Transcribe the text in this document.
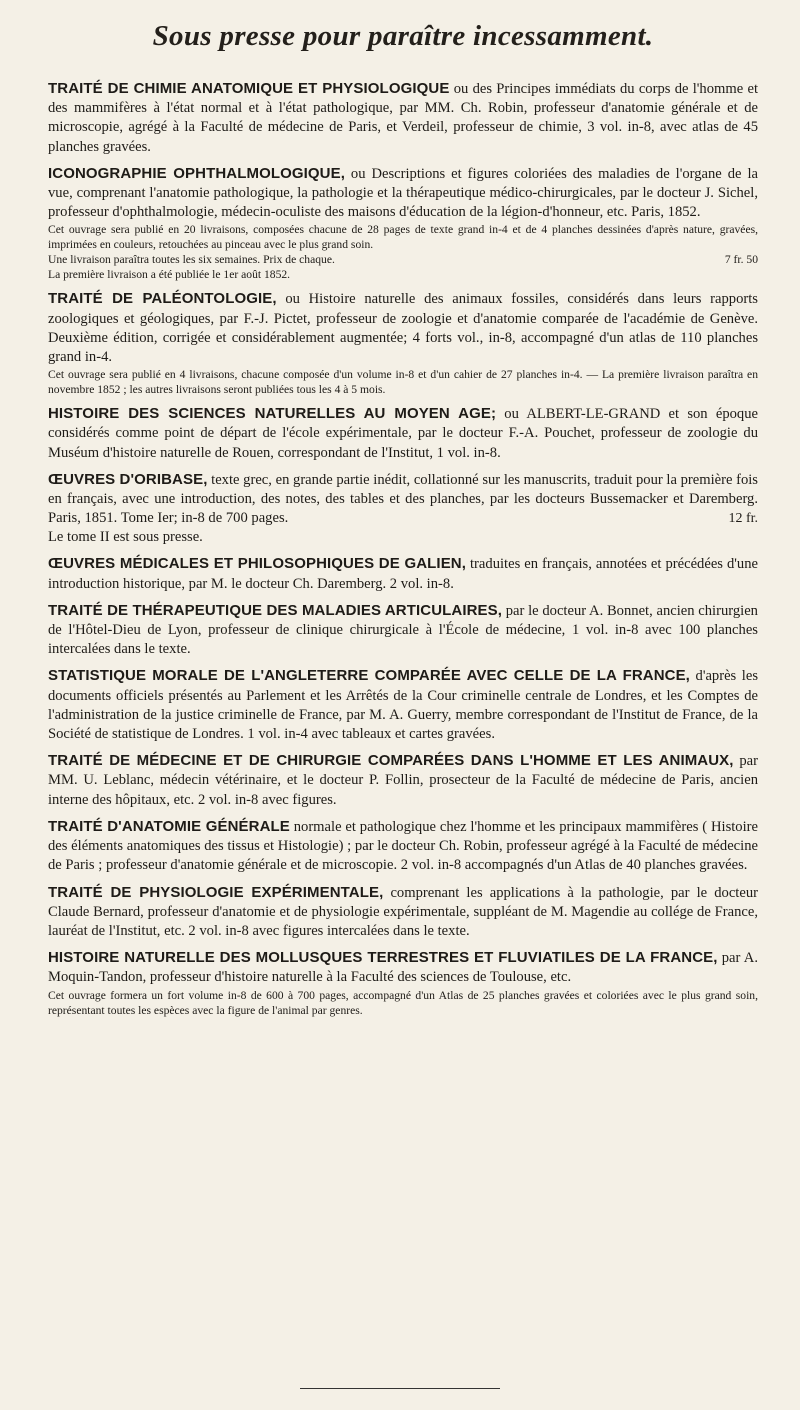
Sous presse pour paraître incessamment.
TRAITÉ DE CHIMIE ANATOMIQUE ET PHYSIOLOGIQUE ou des Principes immédiats du corps de l'homme et des mammifères à l'état normal et à l'état pathologique, par MM. Ch. Robin, professeur d'anatomie générale et de microscopie, agrégé à la Faculté de médecine de Paris, et Verdeil, professeur de chimie, 3 vol. in-8, avec atlas de 45 planches gravées.
ICONOGRAPHIE OPHTHALMOLOGIQUE, ou Descriptions et figures coloriées des maladies de l'organe de la vue, comprenant l'anatomie pathologique, la pathologie et la thérapeutique médico-chirurgicales, par le docteur J. Sichel, professeur d'ophthalmologie, médecin-oculiste des maisons d'éducation de la légion-d'honneur, etc. Paris, 1852.

Cet ouvrage sera publié en 20 livraisons, composées chacune de 28 pages de texte grand in-4 et de 4 planches dessinées d'après nature, gravées, imprimées en couleurs, retouchées au pinceau avec le plus grand soin.

7 fr. 50
Une livraison paraîtra toutes les six semaines. Prix de chaque.

La première livraison a été publiée le 1er août 1852.

TRAITÉ DE PALÉONTOLOGIE, ou Histoire naturelle des animaux fossiles, considérés dans leurs rapports zoologiques et géologiques, par F.-J. Pictet, professeur de zoologie et d'anatomie comparée de l'académie de Genève. Deuxième édition, corrigée et considérablement augmentée; 4 forts vol., in-8, accompagné d'un atlas de 110 planches grand in-4.

Cet ouvrage sera publié en 4 livraisons, chacune composée d'un volume in-8 et d'un cahier de 27 planches in-4. — La première livraison paraîtra en novembre 1852 ; les autres livraisons seront publiées tous les 4 à 5 mois.

HISTOIRE DES SCIENCES NATURELLES AU MOYEN AGE; ou ALBERT-LE-GRAND et son époque considérés comme point de départ de l'école expérimentale, par le docteur F.-A. Pouchet, professeur de zoologie du Muséum d'histoire naturelle de Rouen, correspondant de l'Institut, 1 vol. in-8.
ŒUVRES D'ORIBASE, texte grec, en grande partie inédit, collationné sur les manuscrits, traduit pour la première fois en français, avec une introduction, des notes, des tables et des planches, par les docteurs Bussemacker et Daremberg. Paris, 1851. Tome Ier; in-8 de 700 pages.	12 fr.

Le tome II est sous presse.

ŒUVRES MÉDICALES ET PHILOSOPHIQUES DE GALIEN, traduites en français, annotées et précédées d'une introduction historique, par M. le docteur Ch. Daremberg. 2 vol. in-8.
TRAITÉ DE THÉRAPEUTIQUE DES MALADIES ARTICULAIRES, par le docteur A. Bonnet, ancien chirurgien de l'Hôtel-Dieu de Lyon, professeur de clinique chirurgicale à l'École de médecine, 1 vol. in-8 avec 100 planches intercalées dans le texte.
STATISTIQUE MORALE DE L'ANGLETERRE COMPARÉE AVEC CELLE DE LA FRANCE, d'après les documents officiels présentés au Parlement et les Arrêtés de la Cour criminelle centrale de Londres, et les Comptes de l'administration de la justice criminelle de France, par M. A. Guerry, membre correspondant de l'Institut de France, de la Société de statistique de Londres. 1 vol. in-4 avec tableaux et cartes gravées.
TRAITÉ DE MÉDECINE ET DE CHIRURGIE COMPARÉES DANS L'HOMME ET LES ANIMAUX, par MM. U. Leblanc, médecin vétérinaire, et le docteur P. Follin, prosecteur de la Faculté de médecine de Paris, ancien interne des hôpitaux, etc. 2 vol. in-8 avec figures.
TRAITÉ D'ANATOMIE GÉNÉRALE normale et pathologique chez l'homme et les principaux mammifères ( Histoire des éléments anatomiques des tissus et Histologie) ; par le docteur Ch. Robin, professeur agrégé à la Faculté de médecine de Paris ; professeur d'anatomie générale et de microscopie. 2 vol. in-8 accompagnés d'un Atlas de 40 planches gravées.
TRAITÉ DE PHYSIOLOGIE EXPÉRIMENTALE, comprenant les applications à la pathologie, par le docteur Claude Bernard, professeur d'anatomie et de physiologie expérimentale, suppléant de M. Magendie au collége de France, lauréat de l'Institut, etc. 2 vol. in-8 avec figures intercalées dans le texte.
HISTOIRE NATURELLE DES MOLLUSQUES TERRESTRES ET FLUVIATILES DE LA FRANCE, par A. Moquin-Tandon, professeur d'histoire naturelle à la Faculté des sciences de Toulouse, etc.

Cet ouvrage formera un fort volume in-8 de 600 à 700 pages, accompagné d'un Atlas de 25 planches gravées et coloriées avec le plus grand soin, représentant toutes les espèces avec la figure de l'animal par genres.
